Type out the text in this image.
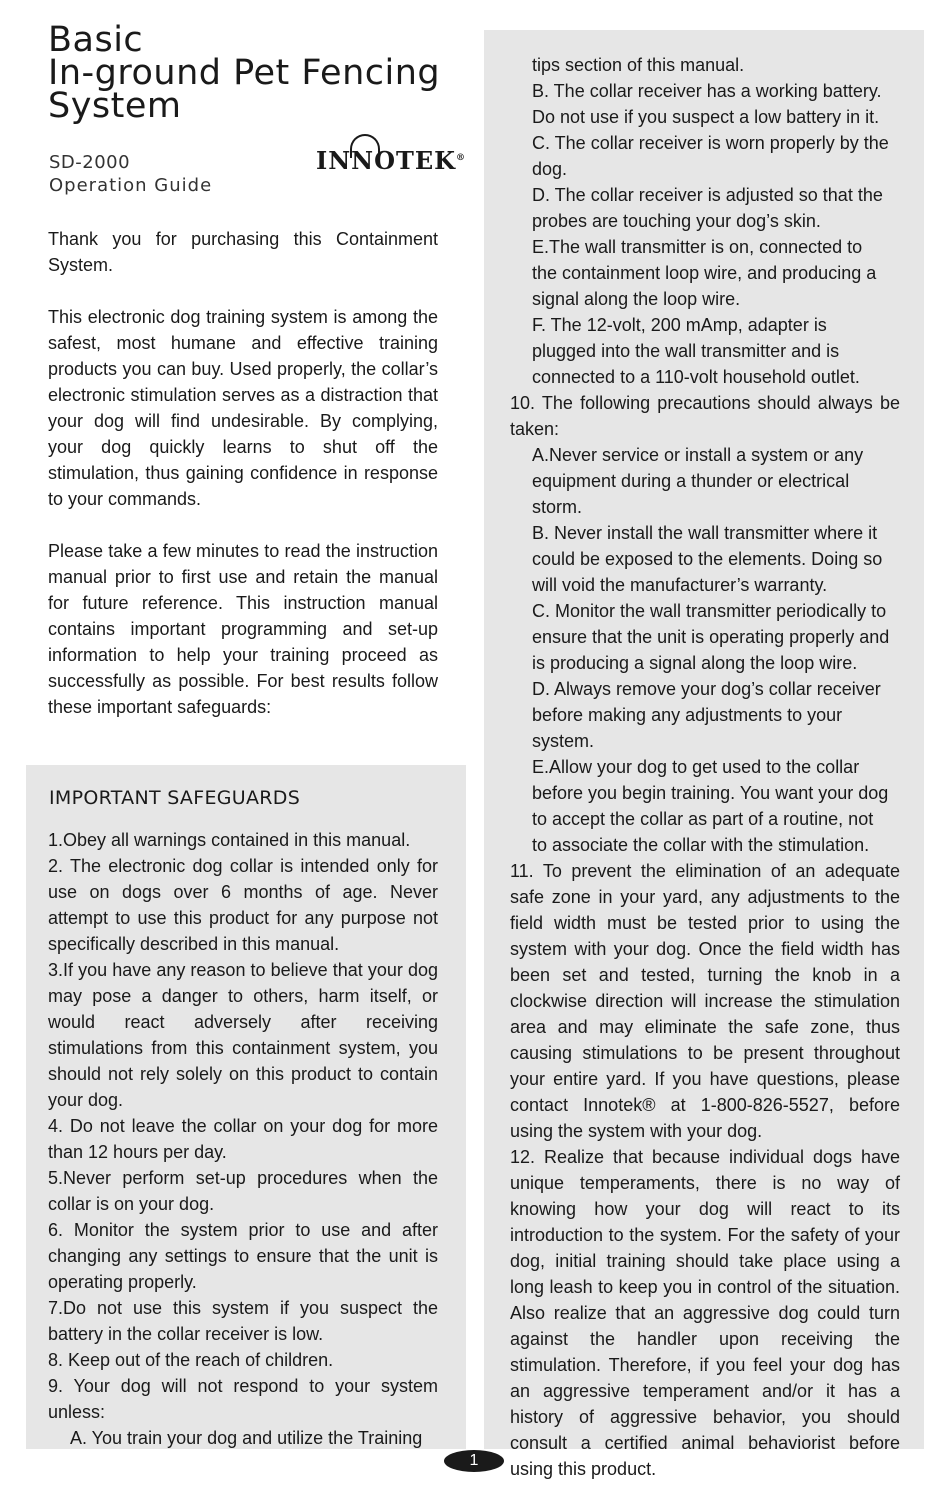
Basic
In-ground Pet Fencing
System
SD-2000
Operation Guide
INNOTEK®

Thank you for purchasing this Containment System.

This electronic dog training system is among the safest, most humane and effective training products you can buy. Used properly, the collar’s electronic stimulation serves as a distraction that your dog will find undesirable. By complying, your dog quickly learns to shut off the stimulation, thus gaining confidence in response to your commands.

Please take a few minutes to read the instruction manual prior to first use and retain the manual for future reference. This instruction manual contains important programming and set-up information to help your training proceed as successfully as possible. For best results follow these important safeguards:

IMPORTANT SAFEGUARDS
1.Obey all warnings contained in this manual.
2. The electronic dog collar is intended only for use on dogs over 6 months of age. Never attempt to use this product for any purpose not specifically described in this manual.
3.If you have any reason to believe that your dog may pose a danger to others, harm itself, or would react adversely after receiving stimulations from this containment system, you should not rely solely on this product to contain your dog.
4. Do not leave the collar on your dog for more than 12 hours per day.
5.Never perform set-up procedures when the collar is on your dog.
6. Monitor the system prior to use and after changing any settings to ensure that the unit is operating properly.
7.Do not use this system if you suspect the battery in the collar receiver is low.
8. Keep out of the reach of children.
9. Your dog will not respond to your system unless:
A. You train your dog and utilize the Training
tips section of this manual.
B. The collar receiver has a working battery. Do not use if you suspect a low battery in it.
C. The collar receiver is worn properly by the dog.
D. The collar receiver is adjusted so that the probes are touching your dog’s skin.
E.The wall transmitter is on, connected to the containment loop wire, and producing a signal along the loop wire.
F. The 12-volt, 200 mAmp, adapter is plugged into the wall transmitter and is connected to a 110-volt household outlet.
10. The following precautions should always be taken:
A.Never service or install a system or any equipment during a thunder or electrical storm.
B. Never install the wall transmitter where it could be exposed to the elements. Doing so will void the manufacturer’s warranty.
C. Monitor the wall transmitter periodically to ensure that the unit is operating properly and is producing a signal along the loop wire.
D. Always remove your dog’s collar receiver before making any adjustments to your system.
E.Allow your dog to get used to the collar before you begin training. You want your dog to accept the collar as part of a routine, not to associate the collar with the stimulation.
11. To prevent the elimination of an adequate safe zone in your yard, any adjustments to the field width must be tested prior to using the system with your dog. Once the field width has been set and tested, turning the knob in a clockwise direction will increase the stimulation area and may eliminate the safe zone, thus causing stimulations to be present throughout your entire yard. If you have questions, please contact Innotek® at 1-800-826-5527, before using the system with your dog.
12. Realize that because individual dogs have unique temperaments, there is no way of knowing how your dog will react to its introduction to the system. For the safety of your dog, initial training should take place using a long leash to keep you in control of the situation. Also realize that an aggressive dog could turn against the handler upon receiving the stimulation. Therefore, if you feel your dog has an aggressive temperament and/or it has a history of aggressive behavior, you should consult a certified animal behaviorist before using this product.
1
